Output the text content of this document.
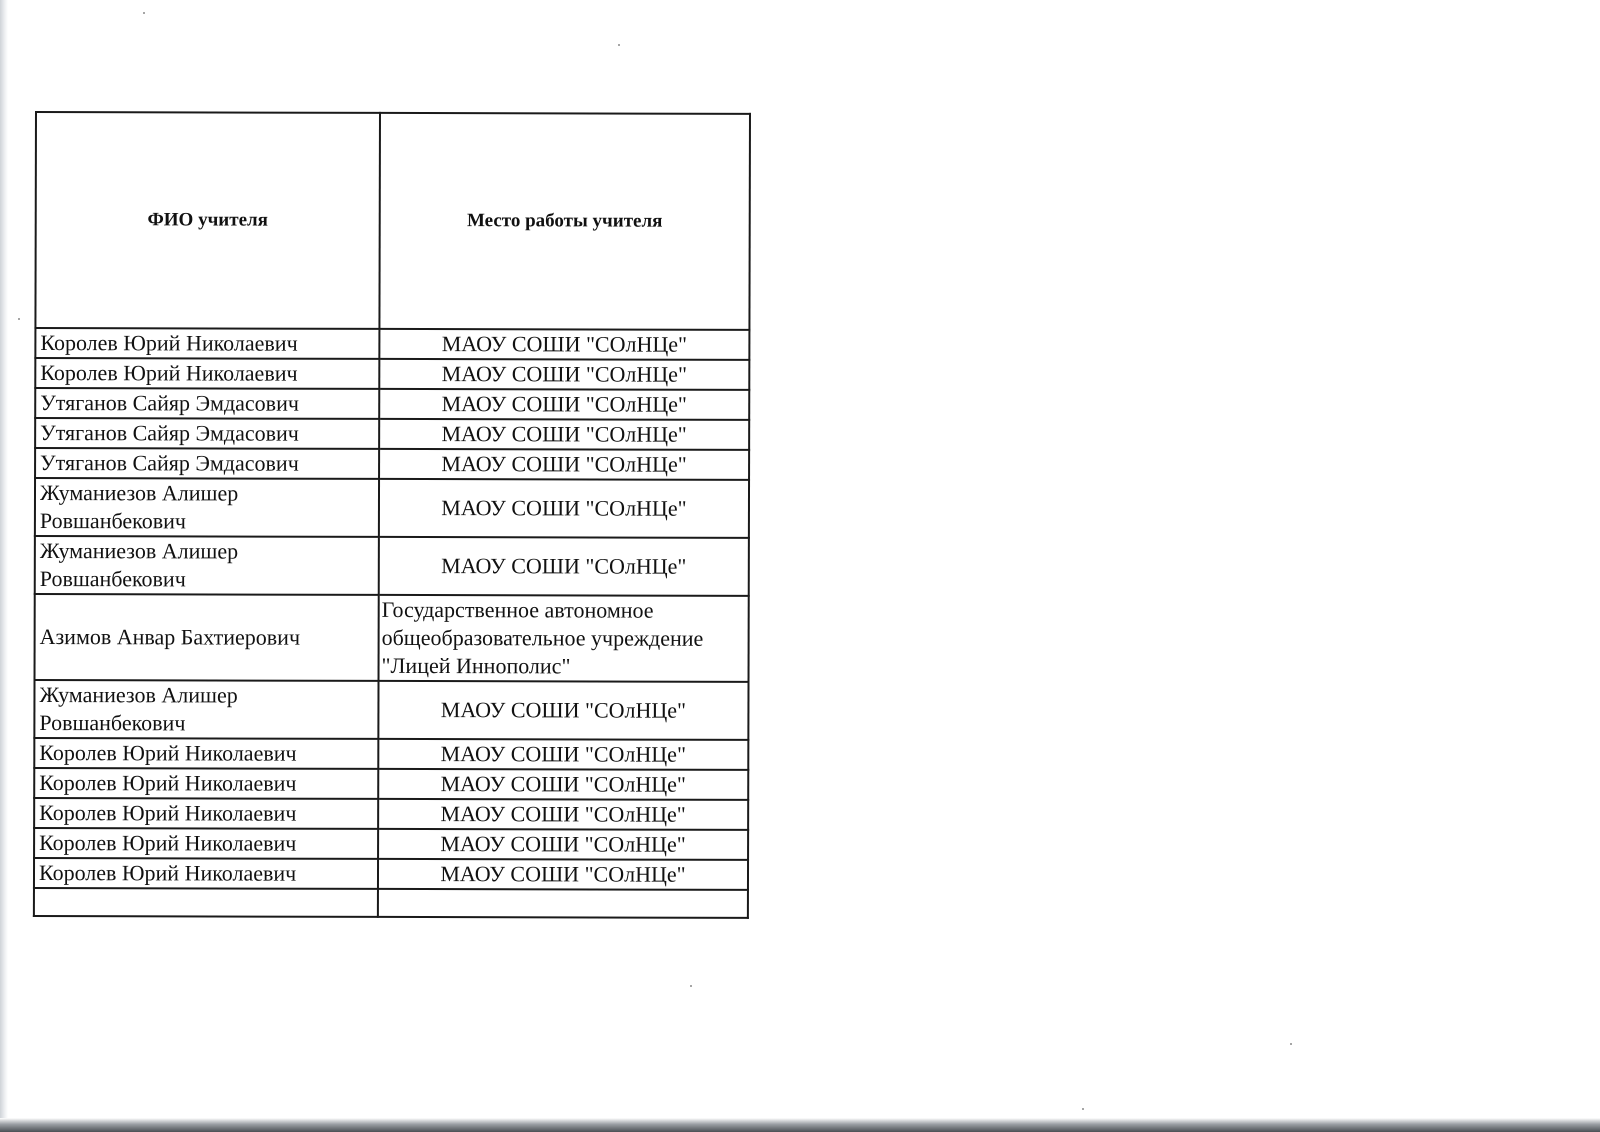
ФИО учителя	Место работы учителя
Королев Юрий Николаевич	МАОУ СОШИ "СОлНЦе"
Королев Юрий Николаевич	МАОУ СОШИ "СОлНЦе"
Утяганов Сайяр Эмдасович	МАОУ СОШИ "СОлНЦе"
Утяганов Сайяр Эмдасович	МАОУ СОШИ "СОлНЦе"
Утяганов Сайяр Эмдасович	МАОУ СОШИ "СОлНЦе"
Жуманиезов Алишер Ровшанбекович	МАОУ СОШИ "СОлНЦе"
Жуманиезов Алишер Ровшанбекович	МАОУ СОШИ "СОлНЦе"
Азимов Анвар Бахтиерович	Государственное автономное общеобразовательное учреждение "Лицей Иннополис"
Жуманиезов Алишер Ровшанбекович	МАОУ СОШИ "СОлНЦе"
Королев Юрий Николаевич	МАОУ СОШИ "СОлНЦе"
Королев Юрий Николаевич	МАОУ СОШИ "СОлНЦе"
Королев Юрий Николаевич	МАОУ СОШИ "СОлНЦе"
Королев Юрий Николаевич	МАОУ СОШИ "СОлНЦе"
Королев Юрий Николаевич	МАОУ СОШИ "СОлНЦе"
